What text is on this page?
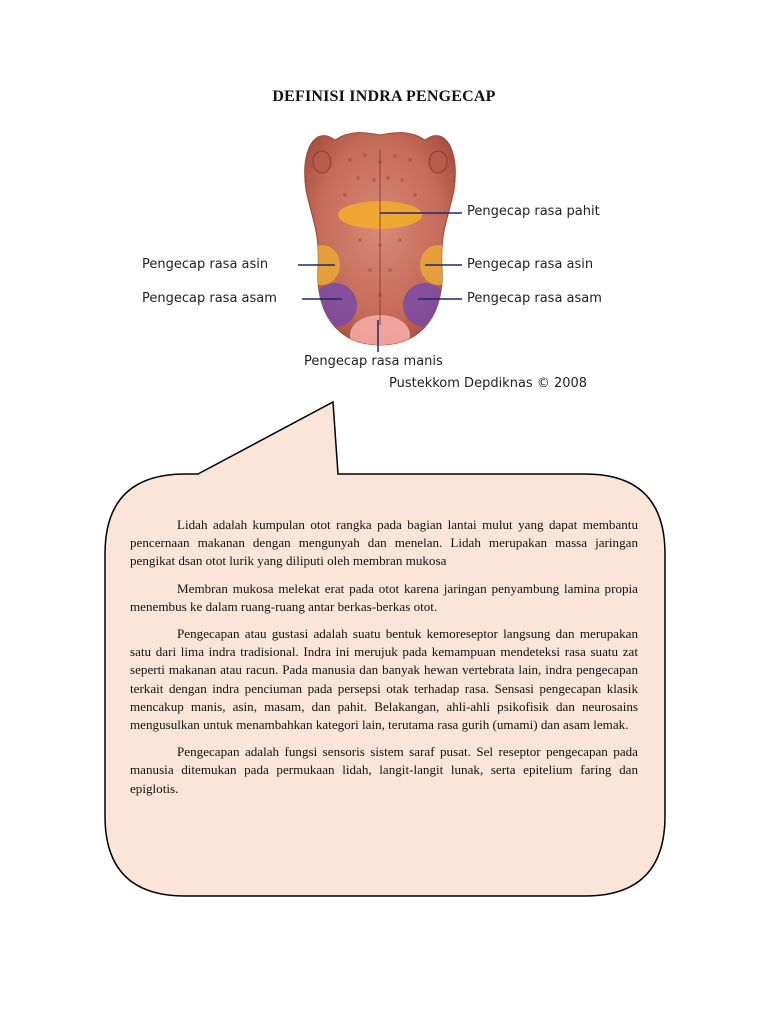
DEFINISI INDRA PENGECAP
Pengecap rasa pahit
Pengecap rasa asin	Pengecap rasa asin
Pengecap rasa asam	Pengecap rasa asam
Pengecap rasa manis
Pustekkom Depdiknas © 2008

Lidah adalah kumpulan otot rangka pada bagian lantai mulut yang dapat membantu pencernaan makanan dengan mengunyah dan menelan. Lidah merupakan massa jaringan pengikat dsan otot lurik yang diliputi oleh membran mukosa

Membran mukosa melekat erat pada otot karena jaringan penyambung lamina propia menembus ke dalam ruang-ruang antar berkas-berkas otot.

Pengecapan atau gustasi adalah suatu bentuk kemoreseptor langsung dan merupakan satu dari lima indra tradisional. Indra ini merujuk pada kemampuan mendeteksi rasa suatu zat seperti makanan atau racun. Pada manusia dan banyak hewan vertebrata lain, indra pengecapan terkait dengan indra penciuman pada persepsi otak terhadap rasa. Sensasi pengecapan klasik mencakup manis, asin, masam, dan pahit. Belakangan, ahli-ahli psikofisik dan neurosains mengusulkan untuk menambahkan kategori lain, terutama rasa gurih (umami) dan asam lemak.

Pengecapan adalah fungsi sensoris sistem saraf pusat. Sel reseptor pengecapan pada manusia ditemukan pada permukaan lidah, langit-langit lunak, serta epitelium faring dan epiglotis.
